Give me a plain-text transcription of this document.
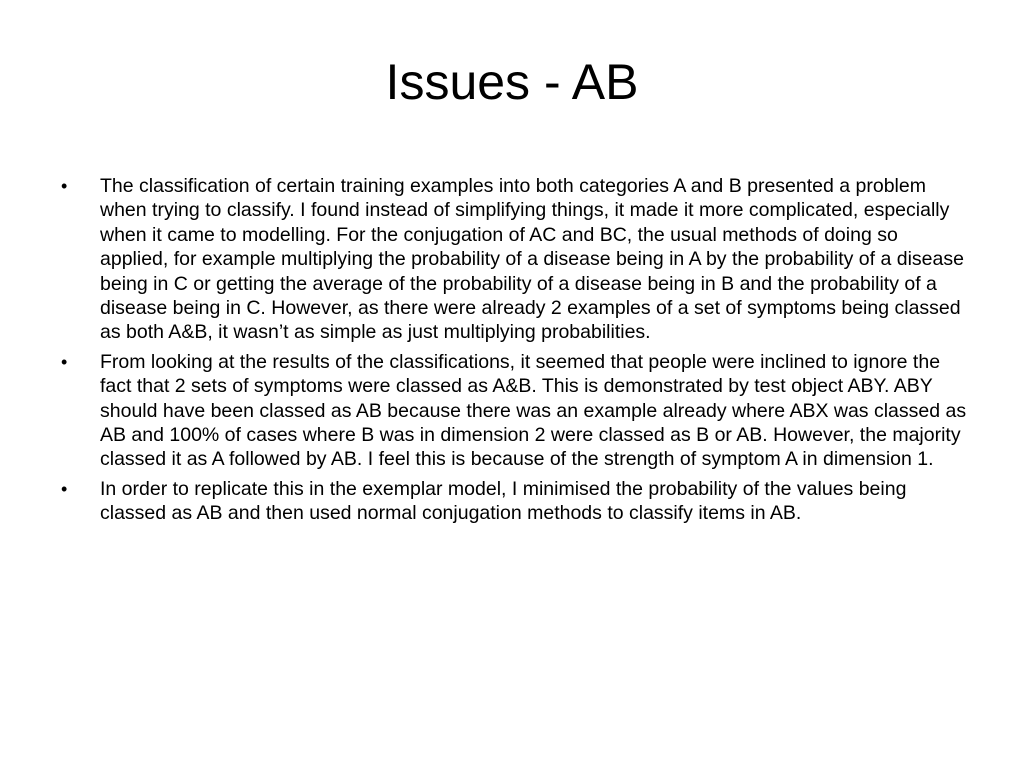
Issues - AB
• The classification of certain training examples into both categories A and B presented a problem when trying to classify. I found instead of simplifying things, it made it more complicated, especially when it came to modelling. For the conjugation of AC and BC, the usual methods of doing so applied, for example multiplying the probability of a disease being in A by the probability of a disease being in C or getting the average of the probability of a disease being in B and the probability of a disease being in C. However, as there were already 2 examples of a set of symptoms being classed as both A&B, it wasn’t as simple as just multiplying probabilities.
• From looking at the results of the classifications, it seemed that people were inclined to ignore the fact that 2 sets of symptoms were classed as A&B. This is demonstrated by test object ABY. ABY should have been classed as AB because there was an example already where ABX was classed as AB and 100% of cases where B was in dimension 2 were classed as B or AB. However, the majority classed it as A followed by AB. I feel this is because of the strength of symptom A in dimension 1.
• In order to replicate this in the exemplar model, I minimised the probability of the values being classed as AB and then used normal conjugation methods to classify items in AB.
